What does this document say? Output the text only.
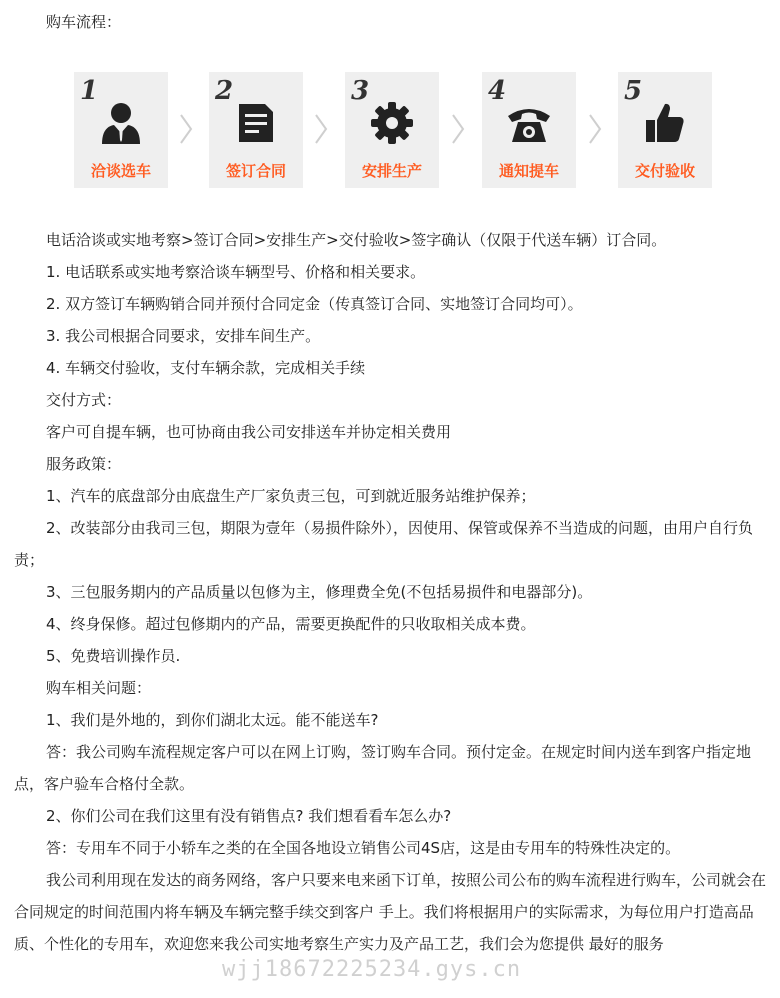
购车流程：

1
洽谈选车
2
签订合同
3
安排生产
4
通知提车
5
交付验收

电话洽谈或实地考察>签订合同>安排生产>交付验收>签字确认（仅限于代送车辆）订合同。

1. 电话联系或实地考察洽谈车辆型号、价格和相关要求。

2. 双方签订车辆购销合同并预付合同定金（传真签订合同、实地签订合同均可）。

3. 我公司根据合同要求，安排车间生产。

4. 车辆交付验收，支付车辆余款，完成相关手续

交付方式：

客户可自提车辆，也可协商由我公司安排送车并协定相关费用

服务政策：

1、汽车的底盘部分由底盘生产厂家负责三包，可到就近服务站维护保养；

2、改装部分由我司三包，期限为壹年（易损件除外），因使用、保管或保养不当造成的问题，由用户自行负责；

3、三包服务期内的产品质量以包修为主，修理费全免(不包括易损件和电器部分)。

4、终身保修。超过包修期内的产品，需要更换配件的只收取相关成本费。

5、免费培训操作员.

购车相关问题：

1、我们是外地的，到你们湖北太远。能不能送车?

答：我公司购车流程规定客户可以在网上订购，签订购车合同。预付定金。在规定时间内送车到客户指定地点，客户验车合格付全款。

2、你们公司在我们这里有没有销售点? 我们想看看车怎么办?

答：专用车不同于小轿车之类的在全国各地设立销售公司4S店，这是由专用车的特殊性决定的。

我公司利用现在发达的商务网络，客户只要来电来函下订单，按照公司公布的购车流程进行购车，公司就会在合同规定的时间范围内将车辆及车辆完整手续交到客户 手上。我们将根据用户的实际需求，为每位用户打造高品质、个性化的专用车，欢迎您来我公司实地考察生产实力及产品工艺，我们会为您提供 最好的服务

wjj18672225234.gys.cn
